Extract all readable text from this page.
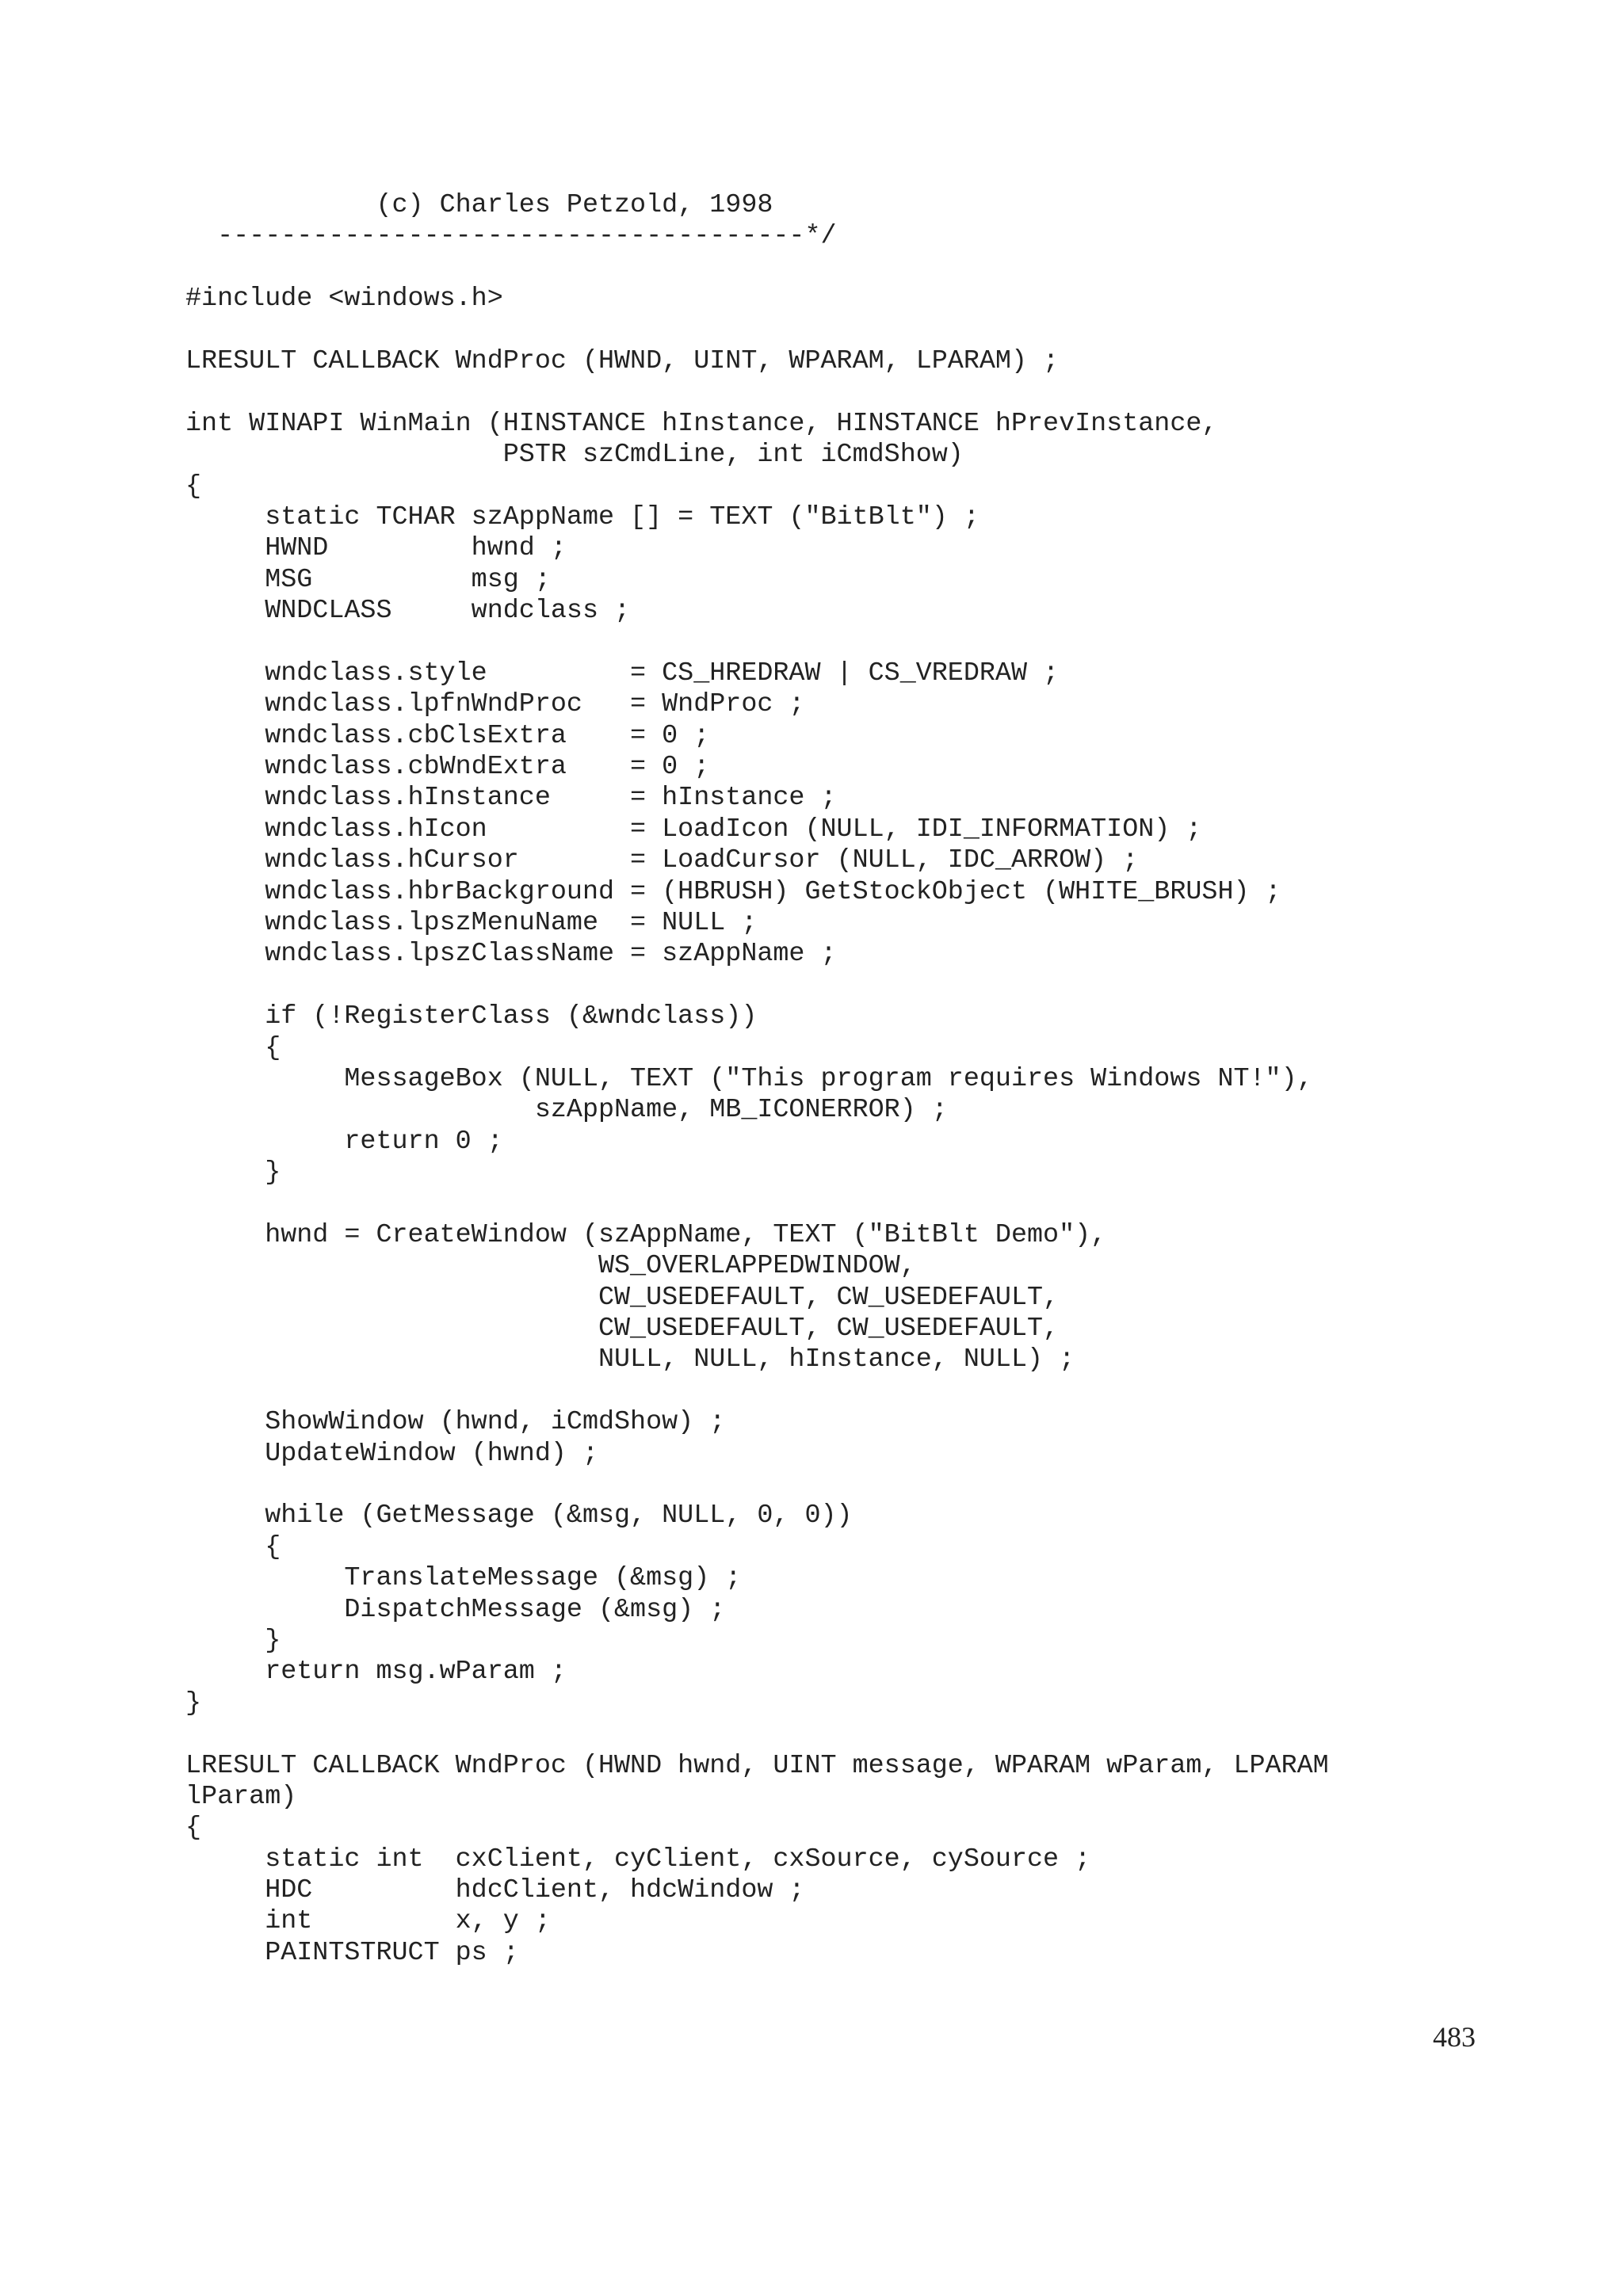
(c) Charles Petzold, 1998
-------------------------------------*/

#include <windows.h>

LRESULT CALLBACK WndProc (HWND, UINT, WPARAM, LPARAM) ;

int WINAPI WinMain (HINSTANCE hInstance, HINSTANCE hPrevInstance,
PSTR szCmdLine, int iCmdShow)
{
static TCHAR szAppName [] = TEXT ("BitBlt") ;
HWND         hwnd ;
MSG          msg ;
WNDCLASS     wndclass ;

wndclass.style         = CS_HREDRAW | CS_VREDRAW ;
wndclass.lpfnWndProc   = WndProc ;
wndclass.cbClsExtra    = 0 ;
wndclass.cbWndExtra    = 0 ;
wndclass.hInstance     = hInstance ;
wndclass.hIcon         = LoadIcon (NULL, IDI_INFORMATION) ;
wndclass.hCursor       = LoadCursor (NULL, IDC_ARROW) ;
wndclass.hbrBackground = (HBRUSH) GetStockObject (WHITE_BRUSH) ;
wndclass.lpszMenuName  = NULL ;
wndclass.lpszClassName = szAppName ;

if (!RegisterClass (&wndclass))
{
MessageBox (NULL, TEXT ("This program requires Windows NT!"),
szAppName, MB_ICONERROR) ;
return 0 ;
}

hwnd = CreateWindow (szAppName, TEXT ("BitBlt Demo"),
WS_OVERLAPPEDWINDOW,
CW_USEDEFAULT, CW_USEDEFAULT,
CW_USEDEFAULT, CW_USEDEFAULT,
NULL, NULL, hInstance, NULL) ;

ShowWindow (hwnd, iCmdShow) ;
UpdateWindow (hwnd) ;

while (GetMessage (&msg, NULL, 0, 0))
{
TranslateMessage (&msg) ;
DispatchMessage (&msg) ;
}
return msg.wParam ;
}

LRESULT CALLBACK WndProc (HWND hwnd, UINT message, WPARAM wParam, LPARAM
lParam)
{
static int  cxClient, cyClient, cxSource, cySource ;
HDC         hdcClient, hdcWindow ;
int         x, y ;
PAINTSTRUCT ps ;
483
